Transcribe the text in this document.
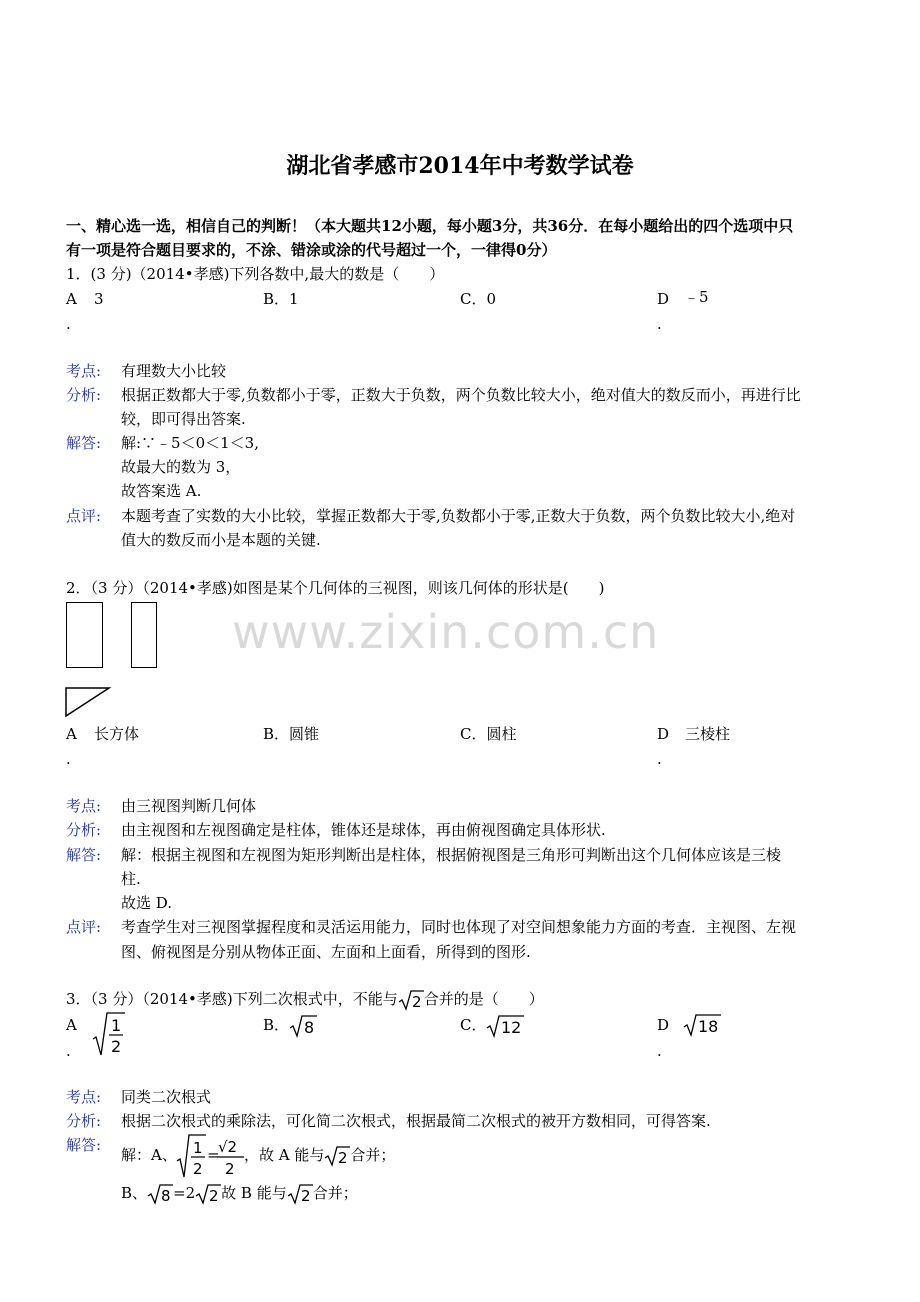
湖北省孝感市2014年中考数学试卷
一、精心选一选，相信自己的判断！（本大题共12小题，每小题3分，共36分．在每小题给出的四个选项中只
有一项是符合题目要求的，不涂、错涂或涂的代号超过一个，一律得0分）
1．(3 分)（2014•孝感)下列各数中,最大的数是（　　）
A 3
.
B．1	C．0	D ﹣5
.
考点: 有理数大小比较
分析: 根据正数都大于零,负数都小于零，正数大于负数，两个负数比较大小，绝对值大的数反而小，再进行比
较，即可得出答案.
解答: 解:∵﹣5＜0＜1＜3,
故最大的数为 3，
故答案选 A.
点评: 本题考查了实数的大小比较，掌握正数都大于零,负数都小于零,正数大于负数，两个负数比较大小,绝对
值大的数反而小是本题的关键.
2．（3 分）（2014•孝感)如图是某个几何体的三视图，则该几何体的形状是(　　)
www.zixin.com.cn
A 长方体
.
B．圆锥	C．圆柱	D 三棱柱
.
考点: 由三视图判断几何体
分析: 由主视图和左视图确定是柱体，锥体还是球体，再由俯视图确定具体形状.
解答: 解：根据主视图和左视图为矩形判断出是柱体，根据俯视图是三角形可判断出这个几何体应该是三棱
柱.
故选 D.
点评: 考查学生对三视图掌握程度和灵活运用能力，同时也体现了对空间想象能力方面的考查．主视图、左视
图、俯视图是分别从物体正面、左面和上面看，所得到的图形.
3．（3 分）（2014•孝感)下列二次根式中，不能与 2 合并的是（　　）
A
.
1
2
B． 8	C． 12	D
.
18
考点: 同类二次根式
分析: 根据二次根式的乘除法，可化简二次根式，根据最简二次根式的被开方数相同，可得答案.
解答:
解：A、 1
2
=
√2
2
，故 A 能与 2 合并；
B、 8 =2 2 故 B 能与 2 合并；
